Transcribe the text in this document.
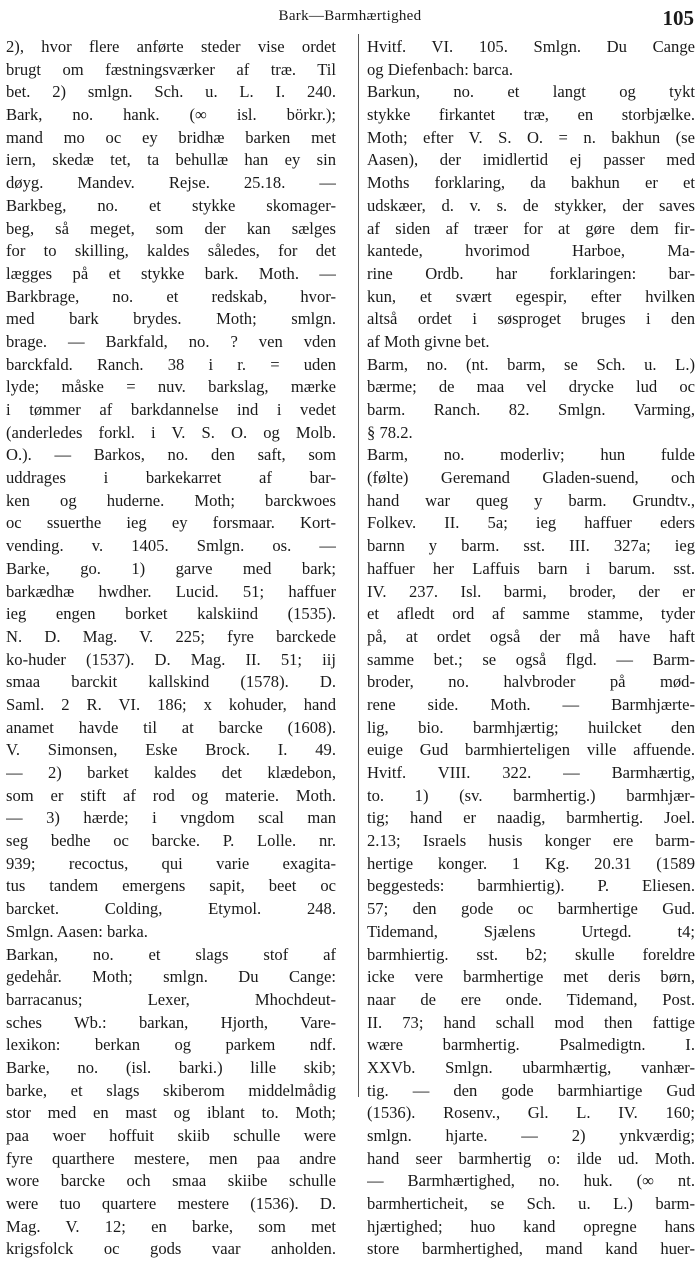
Bark—Barmhærtighed	105
2), hvor flere anførte steder vise ordet
brugt om fæstningsværker af træ. Til
bet. 2) smlgn. Sch. u. L. I. 240.
Bark, no. hank. (∞ isl. börkr.);
mand mo oc ey bridhæ barken met
iern, skedæ tet, ta behullæ han ey sin
døyg. Mandev. Rejse. 25.18. —
Barkbeg, no. et stykke skomager-
beg, så meget, som der kan sælges
for to skilling, kaldes således, for det
lægges på et stykke bark. Moth. —
Barkbrage, no. et redskab, hvor-
med bark brydes. Moth; smlgn.
brage. — Barkfald, no. ? ven vden
barckfald. Ranch. 38 i r. = uden
lyde; måske = nuv. barkslag, mærke
i tømmer af barkdannelse ind i vedet
(anderledes forkl. i V. S. O. og Molb.
O.). — Barkos, no. den saft, som
uddrages i barkekarret af bar-
ken og huderne. Moth; barckwoes
oc ssuerthe ieg ey forsmaar. Kort-
vending. v. 1405. Smlgn. os. —
Barke, go. 1) garve med bark;
barkædhæ hwdher. Lucid. 51; haffuer
ieg engen borket kalskiind (1535).
N. D. Mag. V. 225; fyre barckede
ko-huder (1537). D. Mag. II. 51; iij
smaa barckit kallskind (1578). D.
Saml. 2 R. VI. 186; x kohuder, hand
anamet havde til at barcke (1608).
V. Simonsen, Eske Brock. I. 49.
— 2) barket kaldes det klædebon,
som er stift af rod og materie. Moth.
— 3) hærde; i vngdom scal man
seg bedhe oc barcke. P. Lolle. nr.
939; recoctus, qui varie exagita-
tus tandem emergens sapit, beet oc
barcket. Colding, Etymol. 248.
Smlgn. Aasen: barka.
Barkan, no. et slags stof af
gedehår. Moth; smlgn. Du Cange:
barracanus; Lexer, Mhochdeut-
sches Wb.: barkan, Hjorth, Vare-
lexikon: berkan og parkem ndf.
Barke, no. (isl. barki.) lille skib;
barke, et slags skiberom middelmådig
stor med en mast og iblant to. Moth;
paa woer hoffuit skiib schulle were
fyre quarthere mestere, men paa andre
wore barcke och smaa skiibe schulle
were tuo quartere mestere (1536). D.
Mag. V. 12; en barke, som met
krigsfolck oc gods vaar anholden.
Hvitf. VI. 105. Smlgn. Du Cange
og Diefenbach: barca.
Barkun, no. et langt og tykt
stykke firkantet træ, en storbjælke.
Moth; efter V. S. O. = n. bakhun (se
Aasen), der imidlertid ej passer med
Moths forklaring, da bakhun er et
udskæer, d. v. s. de stykker, der saves
af siden af træer for at gøre dem fir-
kantede, hvorimod Harboe, Ma-
rine Ordb. har forklaringen: bar-
kun, et svært egespir, efter hvilken
altså ordet i søsproget bruges i den
af Moth givne bet.
Barm, no. (nt. barm, se Sch. u. L.)
bærme; de maa vel drycke lud oc
barm. Ranch. 82. Smlgn. Varming,
§ 78.2.
Barm, no. moderliv; hun fulde
(følte) Geremand Gladen-suend, och
hand war queg y barm. Grundtv.,
Folkev. II. 5a; ieg haffuer eders
barnn y barm. sst. III. 327a; ieg
haffuer her Laffuis barn i barum. sst.
IV. 237. Isl. barmi, broder, der er
et afledt ord af samme stamme, tyder
på, at ordet også der må have haft
samme bet.; se også flgd. — Barm-
broder, no. halvbroder på mød-
rene side. Moth. — Barmhjærte-
lig, bio. barmhjærtig; huilcket den
euige Gud barmhierteligen ville affuende.
Hvitf. VIII. 322. — Barmhærtig,
to. 1) (sv. barmhertig.) barmhjær-
tig; hand er naadig, barmhertig. Joel.
2.13; Israels husis konger ere barm-
hertige konger. 1 Kg. 20.31 (1589
beggesteds: barmhiertig). P. Eliesen.
57; den gode oc barmhertige Gud.
Tidemand, Sjælens Urtegd. t4;
barmhiertig. sst. b2; skulle foreldre
icke vere barmhertige met deris børn,
naar de ere onde. Tidemand, Post.
II. 73; hand schall mod then fattige
wære barmhertig. Psalmedigtn. I.
XXVb. Smlgn. ubarmhærtig, vanhær-
tig. — den gode barmhiartige Gud
(1536). Rosenv., Gl. L. IV. 160;
smlgn. hjarte. — 2) ynkværdig;
hand seer barmhertig o: ilde ud. Moth.
— Barmhærtighed, no. huk. (∞ nt.
barmherticheit, se Sch. u. L.) barm-
hjærtighed; huo kand opregne hans
store barmhertighed, mand kand huer-
